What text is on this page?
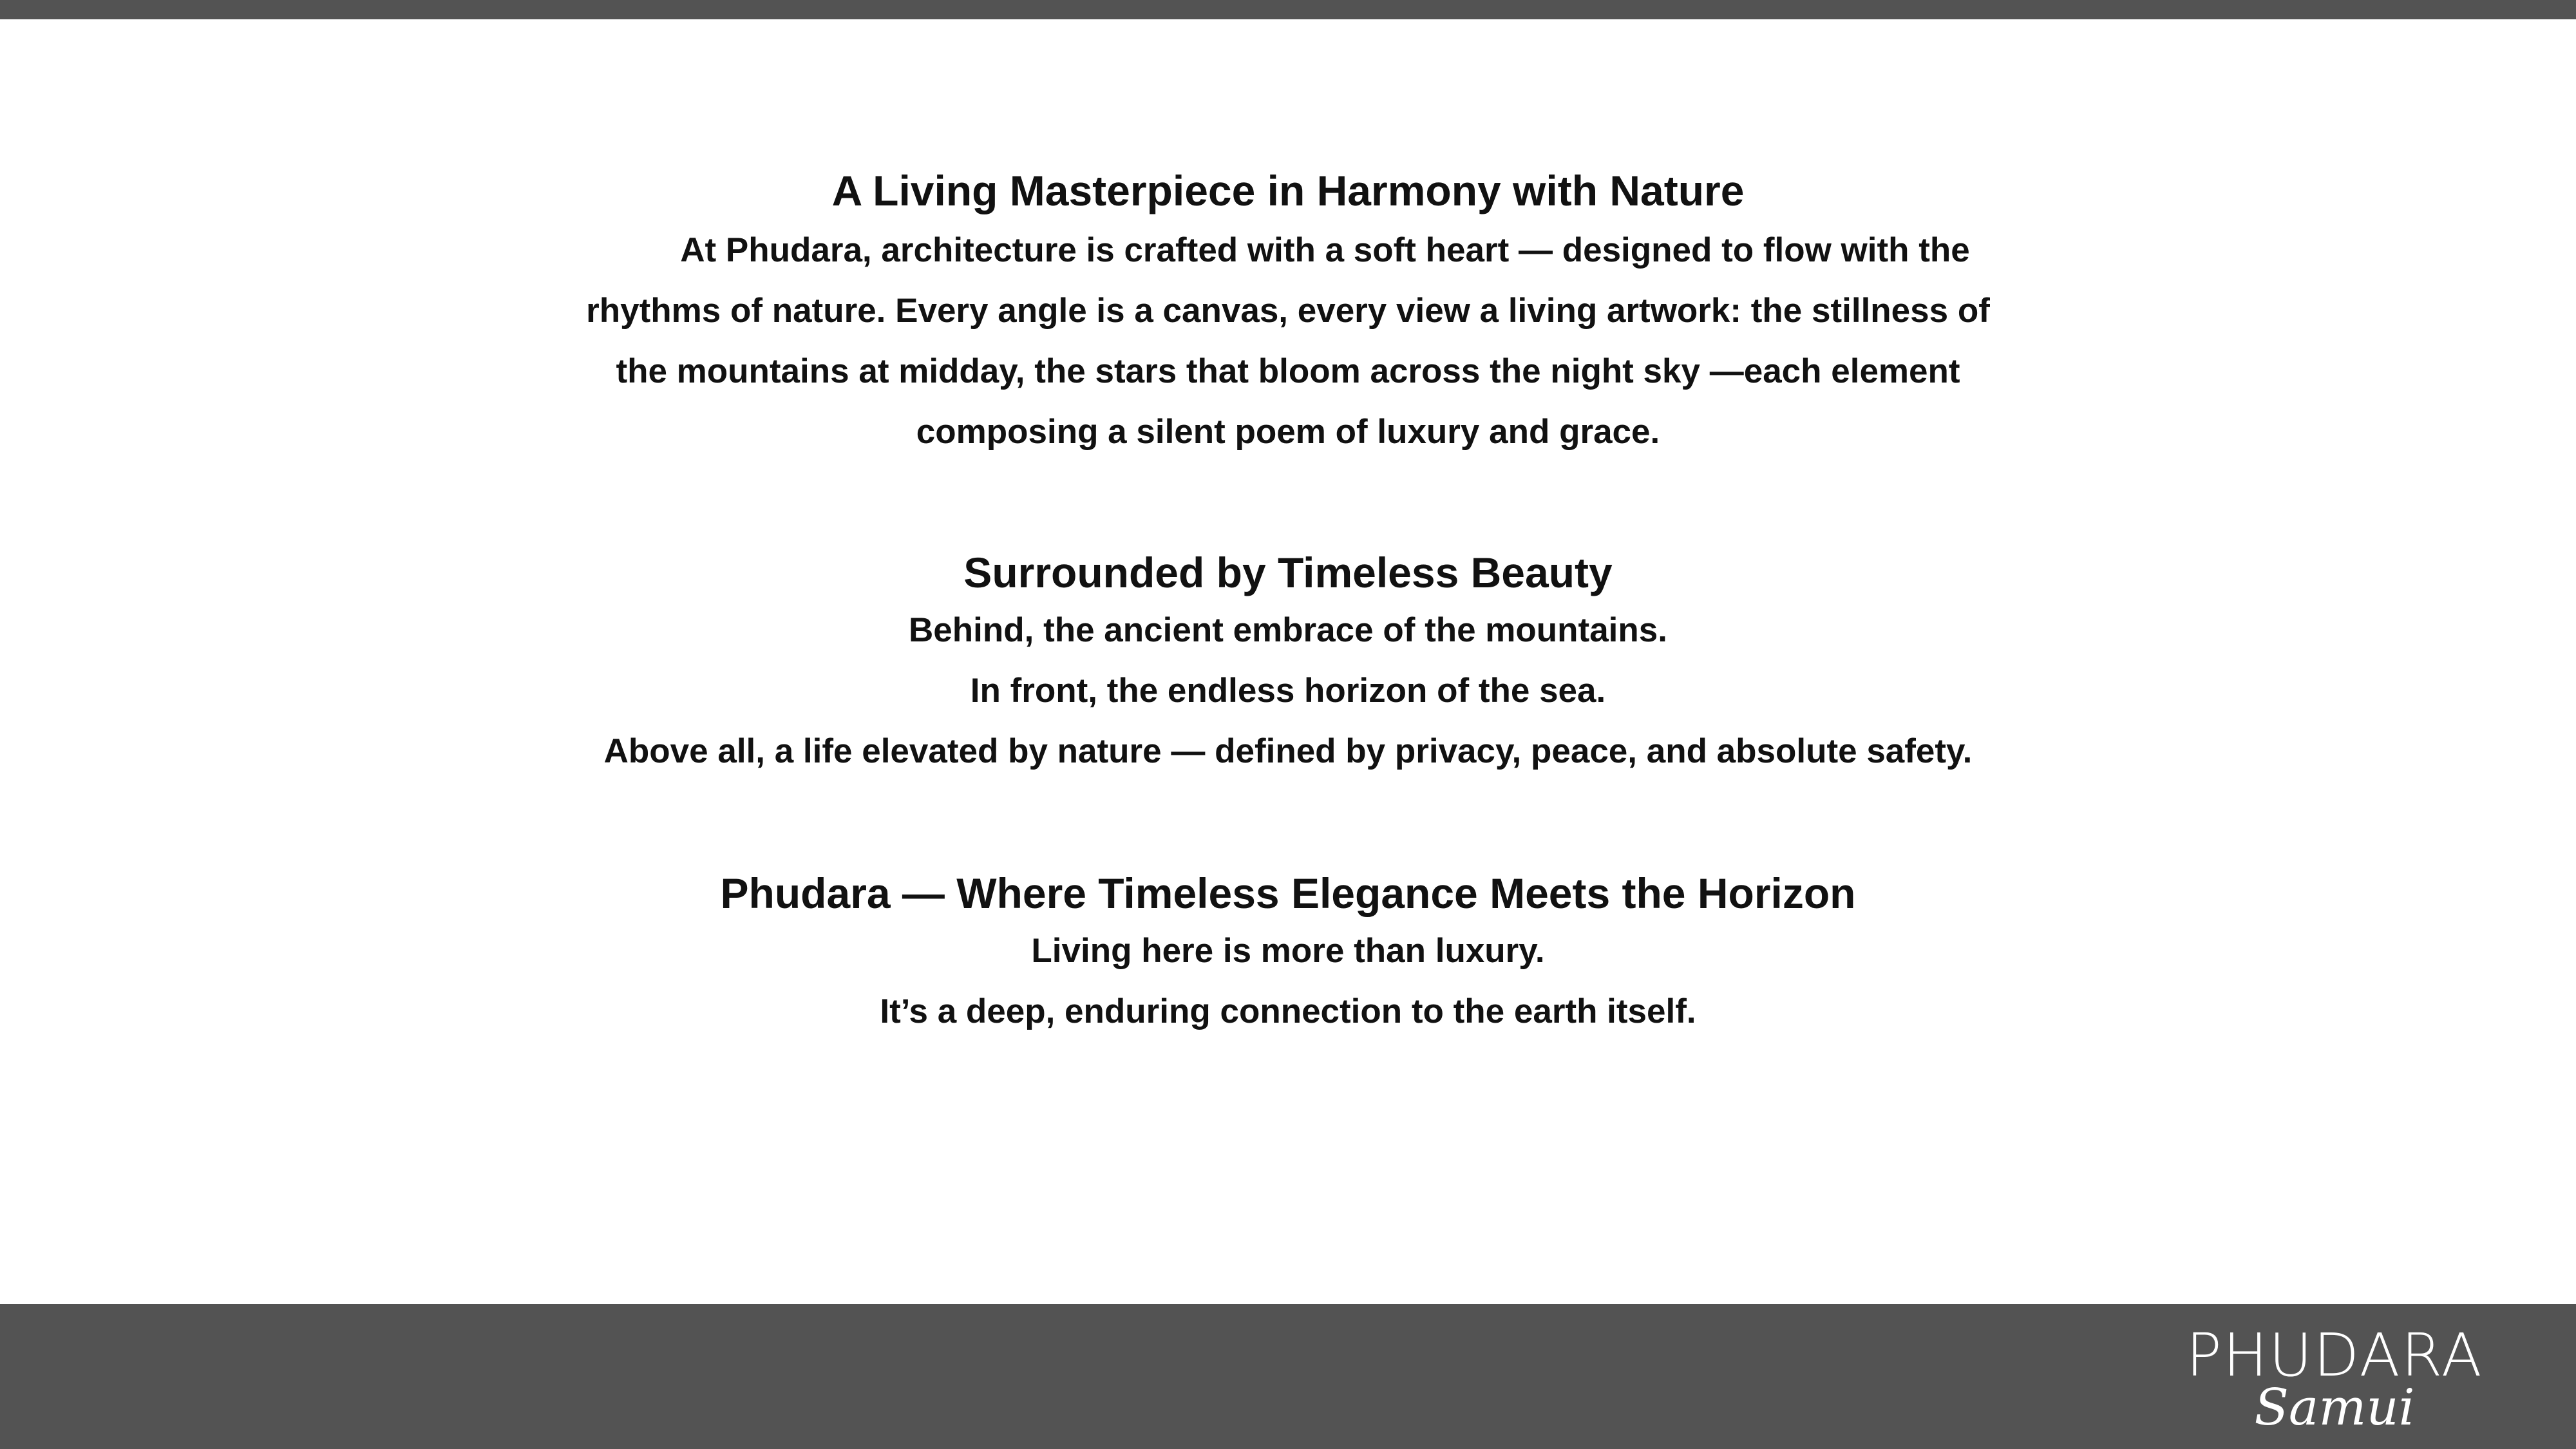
A Living Masterpiece in Harmony with Nature
At Phudara, architecture is crafted with a soft heart — designed to flow with the rhythms of nature. Every angle is a canvas, every view a living artwork: the stillness of the mountains at midday, the stars that bloom across the night sky —each element composing a silent poem of luxury and grace.
Surrounded by Timeless Beauty

Behind, the ancient embrace of the mountains.

In front, the endless horizon of the sea.

Above all, a life elevated by nature — defined by privacy, peace, and absolute safety.

Phudara — Where Timeless Elegance Meets the Horizon

Living here is more than luxury.

It’s a deep, enduring connection to the earth itself.

PHUDARA
Samui
